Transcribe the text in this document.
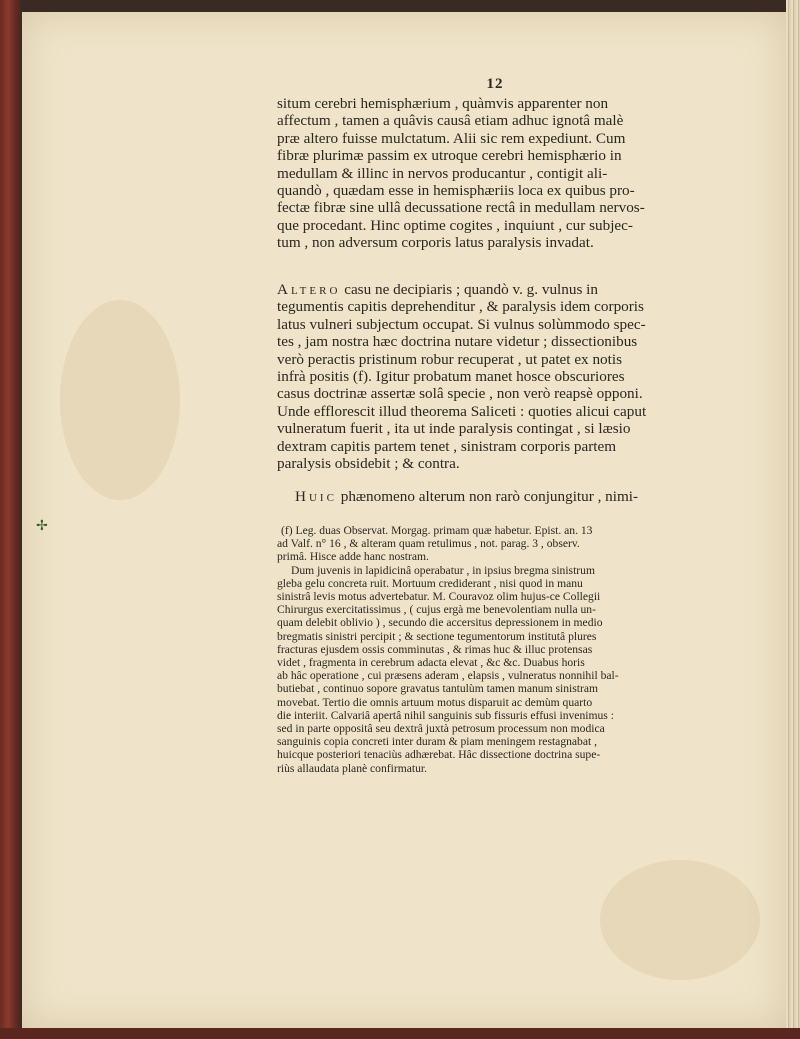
12

situm cerebri hemisphærium , quàmvis apparenter non
affectum , tamen a quâvis causâ etiam adhuc ignotâ malè
præ altero fuisse mulctatum. Alii sic rem expediunt. Cum
fibræ plurimæ passim ex utroque cerebri hemisphærio in
medullam & illinc in nervos producantur , contigit ali-
quandò , quædam esse in hemisphæriis loca ex quibus pro-
fectæ fibræ sine ullâ decussatione rectâ in medullam nervos-
que procedant. Hinc optime cogites , inquiunt , cur subjec-
tum , non adversum corporis latus paralysis invadat.

Altero casu ne decipiaris ; quandò v. g. vulnus in
tegumentis capitis deprehenditur , & paralysis idem corporis
latus vulneri subjectum occupat. Si vulnus solùmmodo spec-
tes , jam nostra hæc doctrina nutare videtur ; dissectionibus
verò peractis pristinum robur recuperat , ut patet ex notis
infrà positis (f). Igitur probatum manet hosce obscuriores
casus doctrinæ assertæ solâ specie , non verò reapsè opponi.
Unde efflorescit illud theorema Saliceti : quoties alicui caput
vulneratum fuerit , ita ut inde paralysis contingat , si læsio
dextram capitis partem tenet , sinistram corporis partem
paralysis obsidebit ; & contra.

Huic phænomeno alterum non rarò conjungitur , nimi-

✢	(f) Leg. duas Observat. Morgag. primam quæ habetur. Epist. an. 13
ad Valf. n° 16 , & alteram quam retulimus , not. parag. 3 , observ.
primâ. Hisce adde hanc nostram.
Dum juvenis in lapidicinâ operabatur , in ipsius bregma sinistrum
gleba gelu concreta ruit. Mortuum crediderant , nisi quod in manu
sinistrâ levis motus advertebatur. M. Couravoz olim hujus-ce Collegii
Chirurgus exercitatissimus , ( cujus ergà me benevolentiam nulla un-
quam delebit oblivio ) , secundo die accersitus depressionem in medio
bregmatis sinistri percipit ; & sectione tegumentorum institutâ plures
fracturas ejusdem ossis comminutas , & rimas huc & illuc protensas
videt , fragmenta in cerebrum adacta elevat , &c &c. Duabus horis
ab hâc operatione , cui præsens aderam , elapsis , vulneratus nonnihil bal-
butiebat , continuo sopore gravatus tantulùm tamen manum sinistram
movebat. Tertio die omnis artuum motus disparuit ac demùm quarto
die interiit. Calvariâ apertâ nihil sanguinis sub fissuris effusi invenimus :
sed in parte oppositâ seu dextrâ juxtà petrosum processum non modica
sanguinis copia concreti inter duram & piam meningem restagnabat ,
huicque posteriori tenaciùs adhærebat. Hâc dissectione doctrina supe-
riùs allaudata planè confirmatur.
